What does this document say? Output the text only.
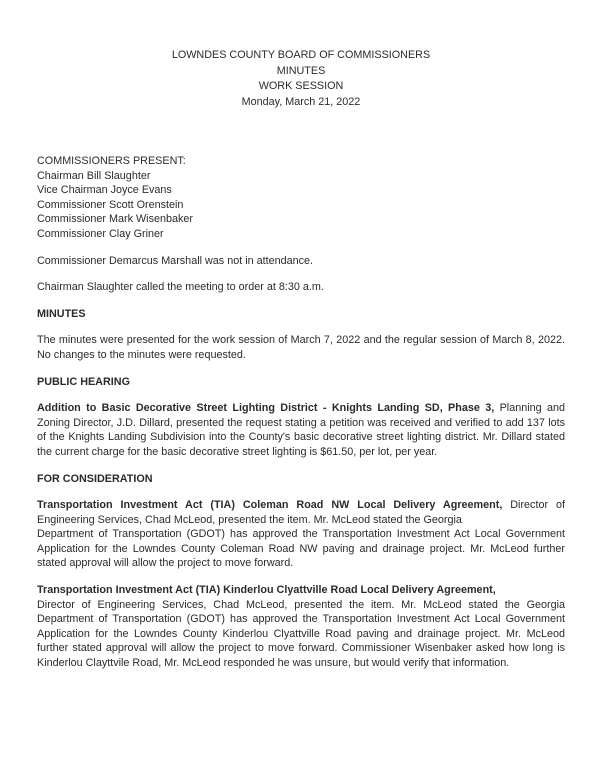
LOWNDES COUNTY BOARD OF COMMISSIONERS
MINUTES
WORK SESSION
Monday, March 21, 2022
COMMISSIONERS PRESENT:
Chairman Bill Slaughter
Vice Chairman Joyce Evans
Commissioner Scott Orenstein
Commissioner Mark Wisenbaker
Commissioner Clay Griner

Commissioner Demarcus Marshall was not in attendance.

Chairman Slaughter called the meeting to order at 8:30 a.m.

MINUTES

The minutes were presented for the work session of March 7, 2022 and the regular session of March 8, 2022. No changes to the minutes were requested.

PUBLIC HEARING

Addition to Basic Decorative Street Lighting District - Knights Landing SD, Phase 3, Planning and Zoning Director, J.D. Dillard, presented the request stating a petition was received and verified to add 137 lots of the Knights Landing Subdivision into the County's basic decorative street lighting district. Mr. Dillard stated the current charge for the basic decorative street lighting is $61.50, per lot, per year.

FOR CONSIDERATION

Transportation Investment Act (TIA) Coleman Road NW Local Delivery Agreement, Director of Engineering Services, Chad McLeod, presented the item. Mr. McLeod stated the Georgia
Department of Transportation (GDOT) has approved the Transportation Investment Act Local Government Application for the Lowndes County Coleman Road NW paving and drainage project. Mr. McLeod further stated approval will allow the project to move forward.

Transportation Investment Act (TIA) Kinderlou Clyattville Road Local Delivery Agreement,
Director of Engineering Services, Chad McLeod, presented the item. Mr. McLeod stated the Georgia Department of Transportation (GDOT) has approved the Transportation Investment Act Local Government Application for the Lowndes County Kinderlou Clyattville Road paving and drainage project. Mr. McLeod further stated approval will allow the project to move forward. Commissioner Wisenbaker asked how long is Kinderlou Clayttvile Road, Mr. McLeod responded he was unsure, but would verify that information.
